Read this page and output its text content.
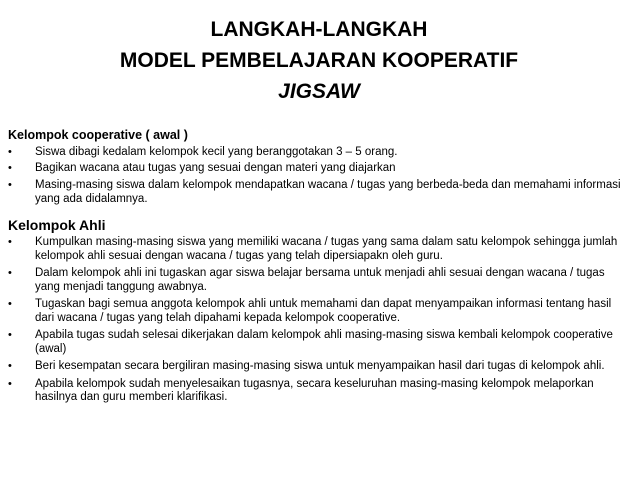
LANGKAH-LANGKAH
MODEL PEMBELAJARAN KOOPERATIF
JIGSAW
Kelompok cooperative ( awal )
•	Siswa dibagi kedalam kelompok kecil yang beranggotakan 3 – 5 orang.
•	Bagikan wacana atau tugas yang sesuai dengan materi yang diajarkan
•	Masing-masing siswa dalam kelompok mendapatkan wacana / tugas yang berbeda-beda dan memahami informasi yang ada didalamnya.
Kelompok Ahli
•	Kumpulkan masing-masing siswa yang memiliki wacana / tugas yang sama dalam satu kelompok sehingga jumlah kelompok ahli sesuai dengan wacana / tugas yang telah dipersiapakn oleh guru.
•	Dalam kelompok ahli ini tugaskan agar siswa belajar bersama untuk menjadi ahli sesuai dengan wacana / tugas yang menjadi tanggung awabnya.
•	Tugaskan bagi semua anggota kelompok ahli untuk memahami dan dapat menyampaikan informasi tentang hasil dari wacana / tugas yang telah dipahami kepada kelompok cooperative.
•	Apabila tugas sudah selesai dikerjakan dalam kelompok ahli masing-masing siswa kembali kelompok cooperative (awal)
•	Beri kesempatan secara bergiliran masing-masing siswa untuk menyampaikan hasil dari tugas di kelompok ahli.
•	Apabila kelompok sudah menyelesaikan tugasnya, secara keseluruhan masing-masing kelompok melaporkan hasilnya dan guru memberi klarifikasi.
